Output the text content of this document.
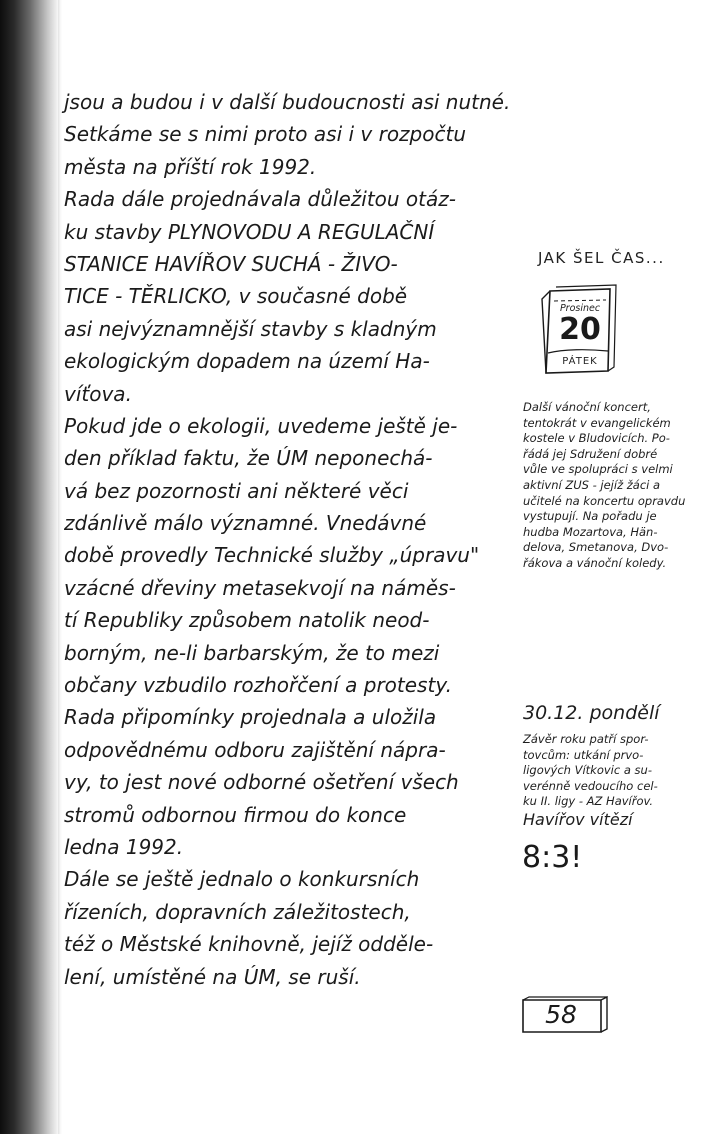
jsou a budou i v další budoucnosti asi nutné.
Setkáme se s nimi proto asi i v rozpočtu
města na příští rok 1992.
Rada dále projednávala důležitou otáz-
ku stavby PLYNOVODU A REGULAČNÍ
STANICE HAVÍŘOV SUCHÁ - ŽIVO-
TICE - TĚRLICKO, v současné době
asi nejvýznamnější stavby s kladným
ekologickým dopadem na území Ha-
víťova.
Pokud jde o ekologii, uvedeme ještě je-
den příklad faktu, že ÚM neponechá-
vá bez pozornosti ani některé věci
zdánlivě málo významné. Vnedávné
době provedly Technické služby „úpravu"
vzácné dřeviny metasekvojí na náměs-
tí Republiky způsobem natolik neod-
borným, ne-li barbarským, že to mezi
občany vzbudilo rozhořčení a protesty.
Rada připomínky projednala a uložila
odpovědnému odboru zajištění nápra-
vy, to jest nové odborné ošetření všech
stromů odbornou firmou do konce
ledna 1992.
Dále se ještě jednalo o konkursních
řízeních, dopravních záležitostech,
též o Městské knihovně, jejíž odděle-
lení, umístěné na ÚM, se ruší.
JAK ŠEL ČAS...
Prosinec
20
PÁTEK
Další vánoční koncert,
tentokrát v evangelickém
kostele v Bludovicích. Po-
řádá jej Sdružení dobré
vůle ve spolupráci s velmi
aktivní ZUS - jejíž žáci a
učitelé na koncertu opravdu
vystupují. Na pořadu je
hudba Mozartova, Hän-
delova, Smetanova, Dvo-
řákova a vánoční koledy.
30.12. pondělí
Závěr roku patří spor-
tovcům: utkání prvo-
ligových Vítkovic a su-
verénně vedoucího cel-
ku II. ligy - AZ Havířov.
Havířov vítězí
8:3!
58
